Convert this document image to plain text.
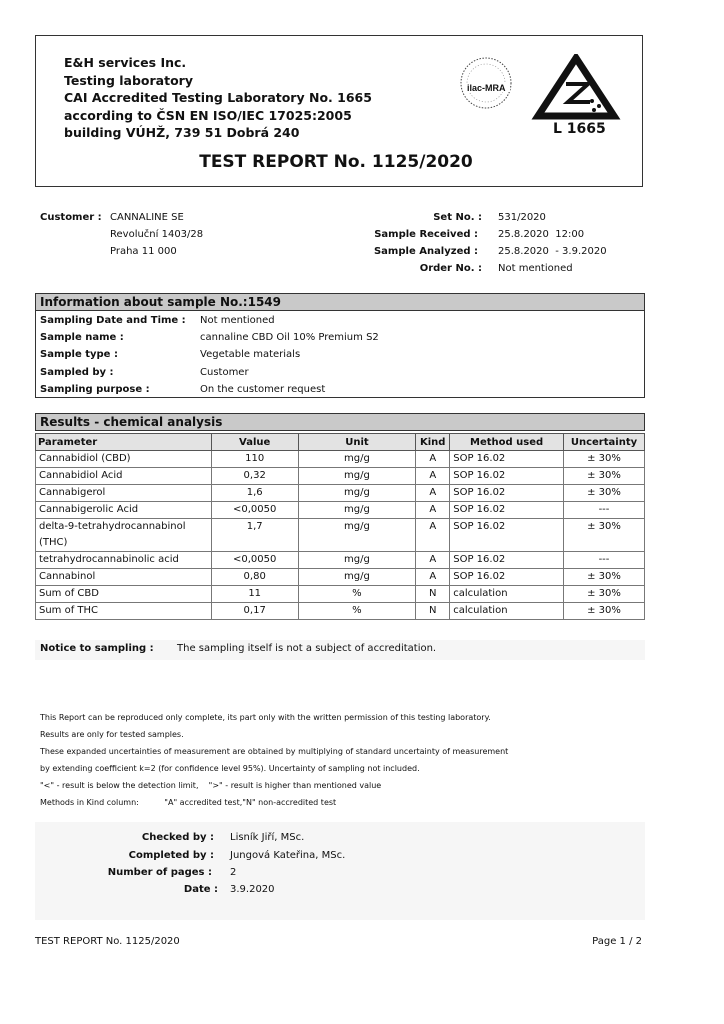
E&H services Inc.
Testing laboratory
CAI Accredited Testing Laboratory No. 1665
according to ČSN EN ISO/IEC 17025:2005
building VÚHŽ, 739 51 Dobrá 240
ilac-MRA
L 1665
TEST REPORT No. 1125/2020
Customer : CANNALINE SE
Revoluční 1403/28
Praha 11 000
Set No. : 531/2020
Sample Received : 25.8.2020  12:00
Sample Analyzed : 25.8.2020  - 3.9.2020
Order No. : Not mentioned
Information about sample No.:1549
Sampling Date and Time : Not mentioned
Sample name :	cannaline CBD Oil 10% Premium S2
Sample type :	Vegetable materials
Sampled by :	Customer
Sampling purpose :	On the customer request
Results - chemical analysis
Parameter	Value	Unit	Kind	Method used	Uncertainty
Cannabidiol (CBD)	110	mg/g	A	SOP 16.02	± 30%
Cannabidiol Acid	0,32	mg/g	A	SOP 16.02	± 30%
Cannabigerol	1,6	mg/g	A	SOP 16.02	± 30%
Cannabigerolic Acid	<0,0050	mg/g	A	SOP 16.02	---
delta-9-tetrahydrocannabinol (THC)	1,7	mg/g	A	SOP 16.02	± 30%
tetrahydrocannabinolic acid	<0,0050	mg/g	A	SOP 16.02	---
Cannabinol	0,80	mg/g	A	SOP 16.02	± 30%
Sum of CBD	11	%	N	calculation	± 30%
Sum of THC	0,17	%	N	calculation	± 30%
Notice to sampling : The sampling itself is not a subject of accreditation.
This Report can be reproduced only complete, its part only with the written permission of this testing laboratory.
Results are only for tested samples.
These expanded uncertainties of measurement are obtained by multiplying of standard uncertainty of measurement
by extending coefficient k=2 (for confidence level 95%). Uncertainty of sampling not included.
"<" - result is below the detection limit,    ">" - result is higher than mentioned value
Methods in Kind column:          "A" accredited test,"N" non-accredited test
Checked by : Lisník Jiří, MSc.
Completed by : Jungová Kateřina, MSc.
Number of pages : 2
Date : 3.9.2020
TEST REPORT No. 1125/2020	Page 1 / 2
